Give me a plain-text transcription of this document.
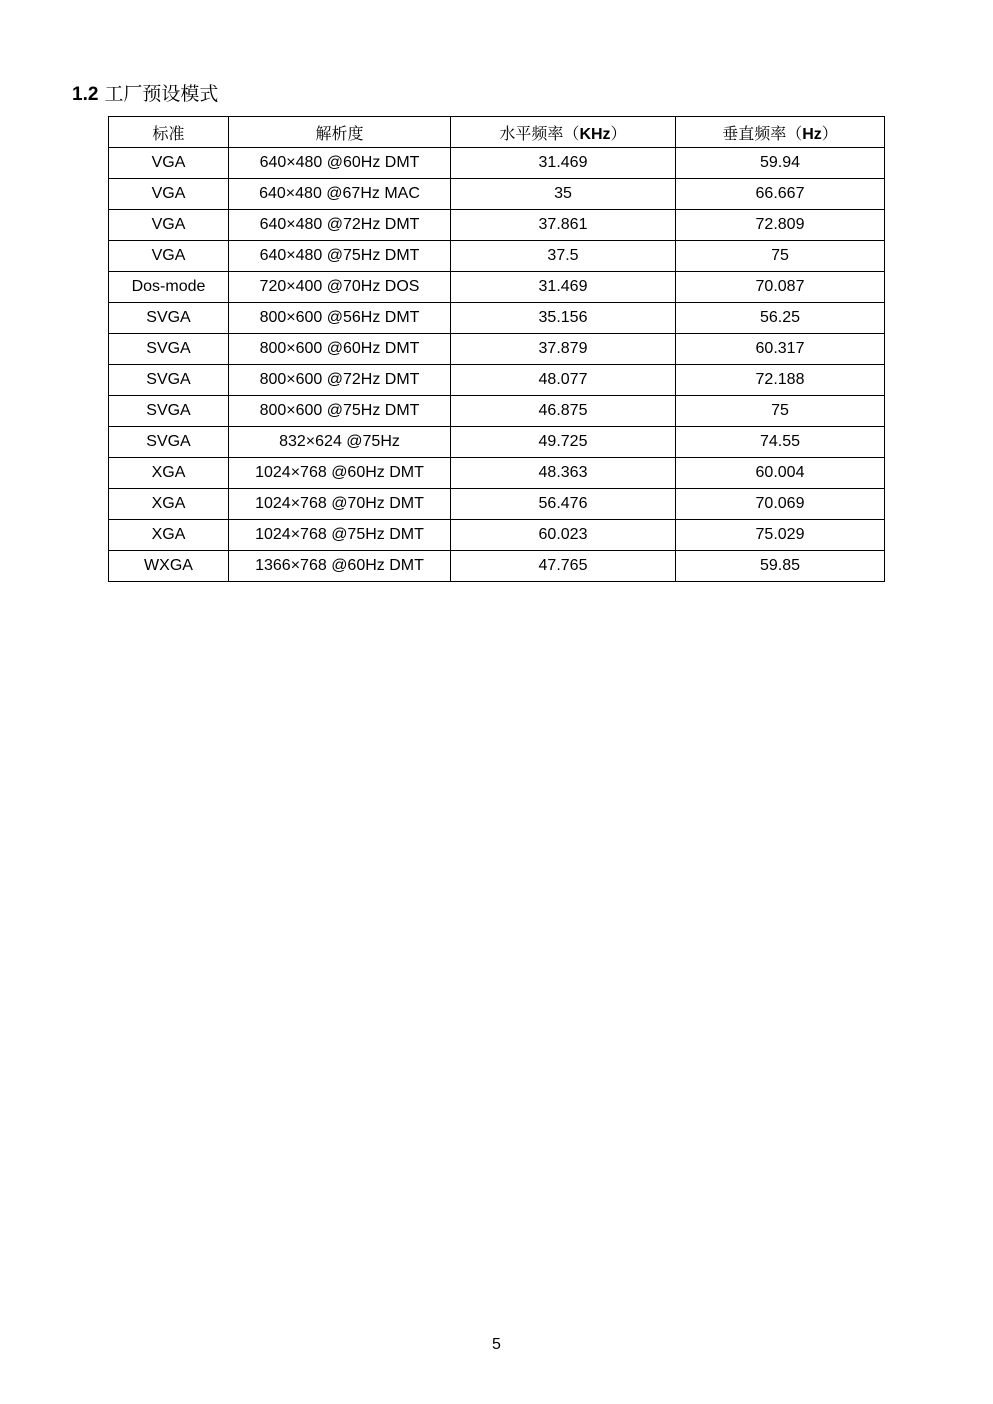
1.2 工厂预设模式
标准	解析度	水平频率（KHz）	垂直频率（Hz）
VGA	640×480 @60Hz DMT	31.469	59.94
VGA	640×480 @67Hz MAC	35	66.667
VGA	640×480 @72Hz DMT	37.861	72.809
VGA	640×480 @75Hz DMT	37.5	75
Dos-mode	720×400 @70Hz DOS	31.469	70.087
SVGA	800×600 @56Hz DMT	35.156	56.25
SVGA	800×600 @60Hz DMT	37.879	60.317
SVGA	800×600 @72Hz DMT	48.077	72.188
SVGA	800×600 @75Hz DMT	46.875	75
SVGA	832×624 @75Hz	49.725	74.55
XGA	1024×768 @60Hz DMT	48.363	60.004
XGA	1024×768 @70Hz DMT	56.476	70.069
XGA	1024×768 @75Hz DMT	60.023	75.029
WXGA	1366×768 @60Hz DMT	47.765	59.85
5
